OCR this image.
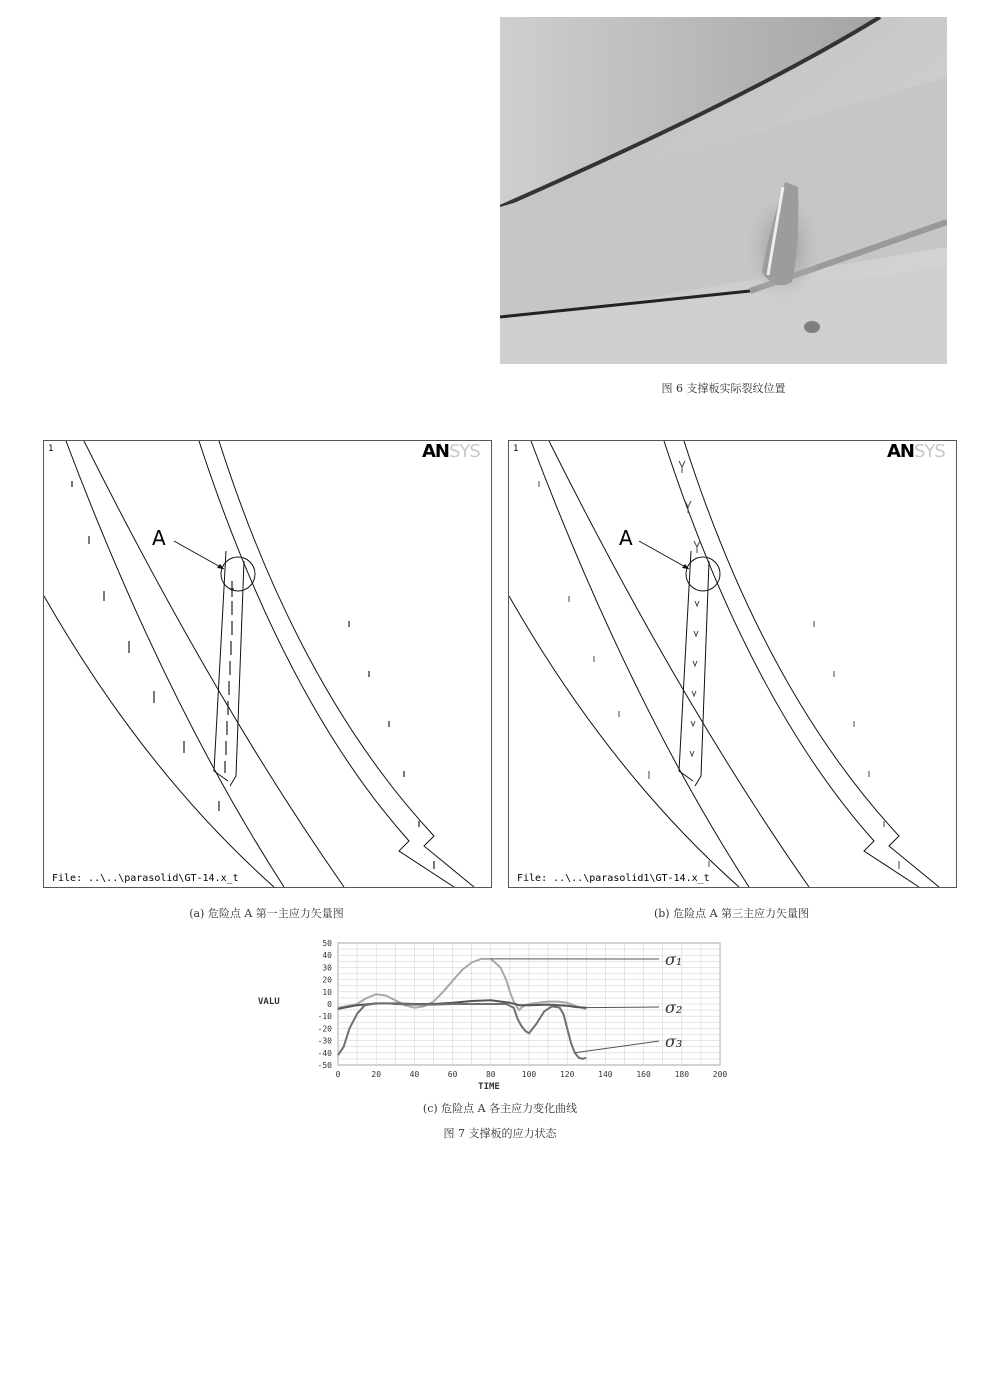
图 6 支撑板实际裂纹位置
1	ANSYS
A
File: ..\..\parasolid\GT-14.x_t
(a) 危险点 A 第一主应力矢量图
1	ANSYS
A
File: ..\..\parasolid1\GT-14.x_t
(b) 危险点 A 第三主应力矢量图
0	20	40	60	80	100	120	140	160	180	200
-50
-40
-30
-20
-10
0
10
20
30
40
50
TIME
VALU
σ₁
σ₂
σ₃
(c) 危险点 A 各主应力变化曲线
图 7 支撑板的应力状态
